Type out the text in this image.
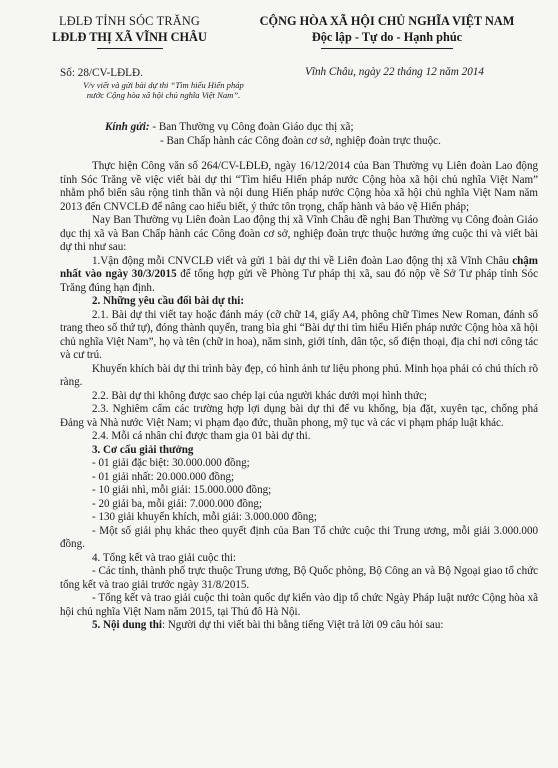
LĐLĐ TỈNH SÓC TRĂNG
LĐLĐ THỊ XÃ VĨNH CHÂU
CỘNG HÒA XÃ HỘI CHỦ NGHĨA VIỆT NAM
Độc lập - Tự do - Hạnh phúc
Số: 28/CV-LĐLĐ.
V/v viết và gửi bài dự thi “Tìm hiểu Hiến pháp
nước Cộng hòa xã hội chủ nghĩa Việt Nam”.
Vĩnh Châu, ngày 22 tháng 12 năm 2014
Kính gửi: - Ban Thường vụ Công đoàn Giáo dục thị xã;
- Ban Chấp hành các Công đoàn cơ sở, nghiệp đoàn trực thuộc.

Thực hiện Công văn số 264/CV-LĐLĐ, ngày 16/12/2014 của Ban Thường vụ Liên đoàn Lao động tỉnh Sóc Trăng về việc viết bài dự thi “Tìm hiểu Hiến pháp nước Cộng hòa xã hội chủ nghĩa Việt Nam” nhằm phổ biến sâu rộng tinh thần và nội dung Hiến pháp nước Cộng hòa xã hội chủ nghĩa Việt Nam năm 2013 đến CNVCLĐ để nâng cao hiểu biết, ý thức tôn trọng, chấp hành và bảo vệ Hiến pháp;

Nay Ban Thường vụ Liên đoàn Lao động thị xã Vĩnh Châu đề nghị Ban Thường vụ Công đoàn Giáo dục thị xã và Ban Chấp hành các Công đoàn cơ sở, nghiệp đoàn trực thuộc hưởng ứng cuộc thi và viết bài dự thi như sau:

1.Vận động mỗi CNVCLĐ viết và gửi 1 bài dự thi về Liên đoàn Lao động thị xã Vĩnh Châu chậm nhất vào ngày 30/3/2015 để tổng hợp gửi về Phòng Tư pháp thị xã, sau đó nộp về Sở Tư pháp tỉnh Sóc Trăng đúng hạn định.

2. Những yêu cầu đối bài dự thi:

2.1. Bài dự thi viết tay hoặc đánh máy (cỡ chữ 14, giấy A4, phông chữ Times New Roman, đánh số trang theo số thứ tự), đóng thành quyển, trang bìa ghi “Bài dự thi tìm hiểu Hiến pháp nước Cộng hòa xã hội chủ nghĩa Việt Nam”, họ và tên (chữ in hoa), năm sinh, giới tính, dân tộc, số điện thoại, địa chỉ nơi công tác và cư trú.

Khuyến khích bài dự thi trình bày đẹp, có hình ảnh tư liệu phong phú. Minh họa phải có chú thích rõ ràng.

2.2. Bài dự thi không được sao chép lại của người khác dưới mọi hình thức;

2.3. Nghiêm cấm các trường hợp lợi dụng bài dự thi để vu khống, bịa đặt, xuyên tạc, chống phá Đảng và Nhà nước Việt Nam; vi phạm đạo đức, thuần phong, mỹ tục và các vi phạm pháp luật khác.

2.4. Mỗi cá nhân chỉ được tham gia 01 bài dự thi.

3. Cơ cấu giải thưởng

- 01 giải đặc biệt: 30.000.000 đồng;

- 01 giải nhất: 20.000.000 đồng;

- 10 giải nhì, mỗi giải: 15.000.000 đồng;

- 20 giải ba, mỗi giải: 7.000.000 đồng;

- 130 giải khuyến khích, mỗi giải: 3.000.000 đồng;

- Một số giải phụ khác theo quyết định của Ban Tổ chức cuộc thi Trung ương, mỗi giải 3.000.000 đồng.

4. Tổng kết và trao giải cuộc thi:

- Các tỉnh, thành phố trực thuộc Trung ương, Bộ Quốc phòng, Bộ Công an và Bộ Ngoại giao tổ chức tổng kết và trao giải trước ngày 31/8/2015.

- Tổng kết và trao giải cuộc thi toàn quốc dự kiến vào dịp tổ chức Ngày Pháp luật nước Cộng hòa xã hội chủ nghĩa Việt Nam năm 2015, tại Thủ đô Hà Nội.

5. Nội dung thi: Người dự thi viết bài thi bằng tiếng Việt trả lời 09 câu hỏi sau:
